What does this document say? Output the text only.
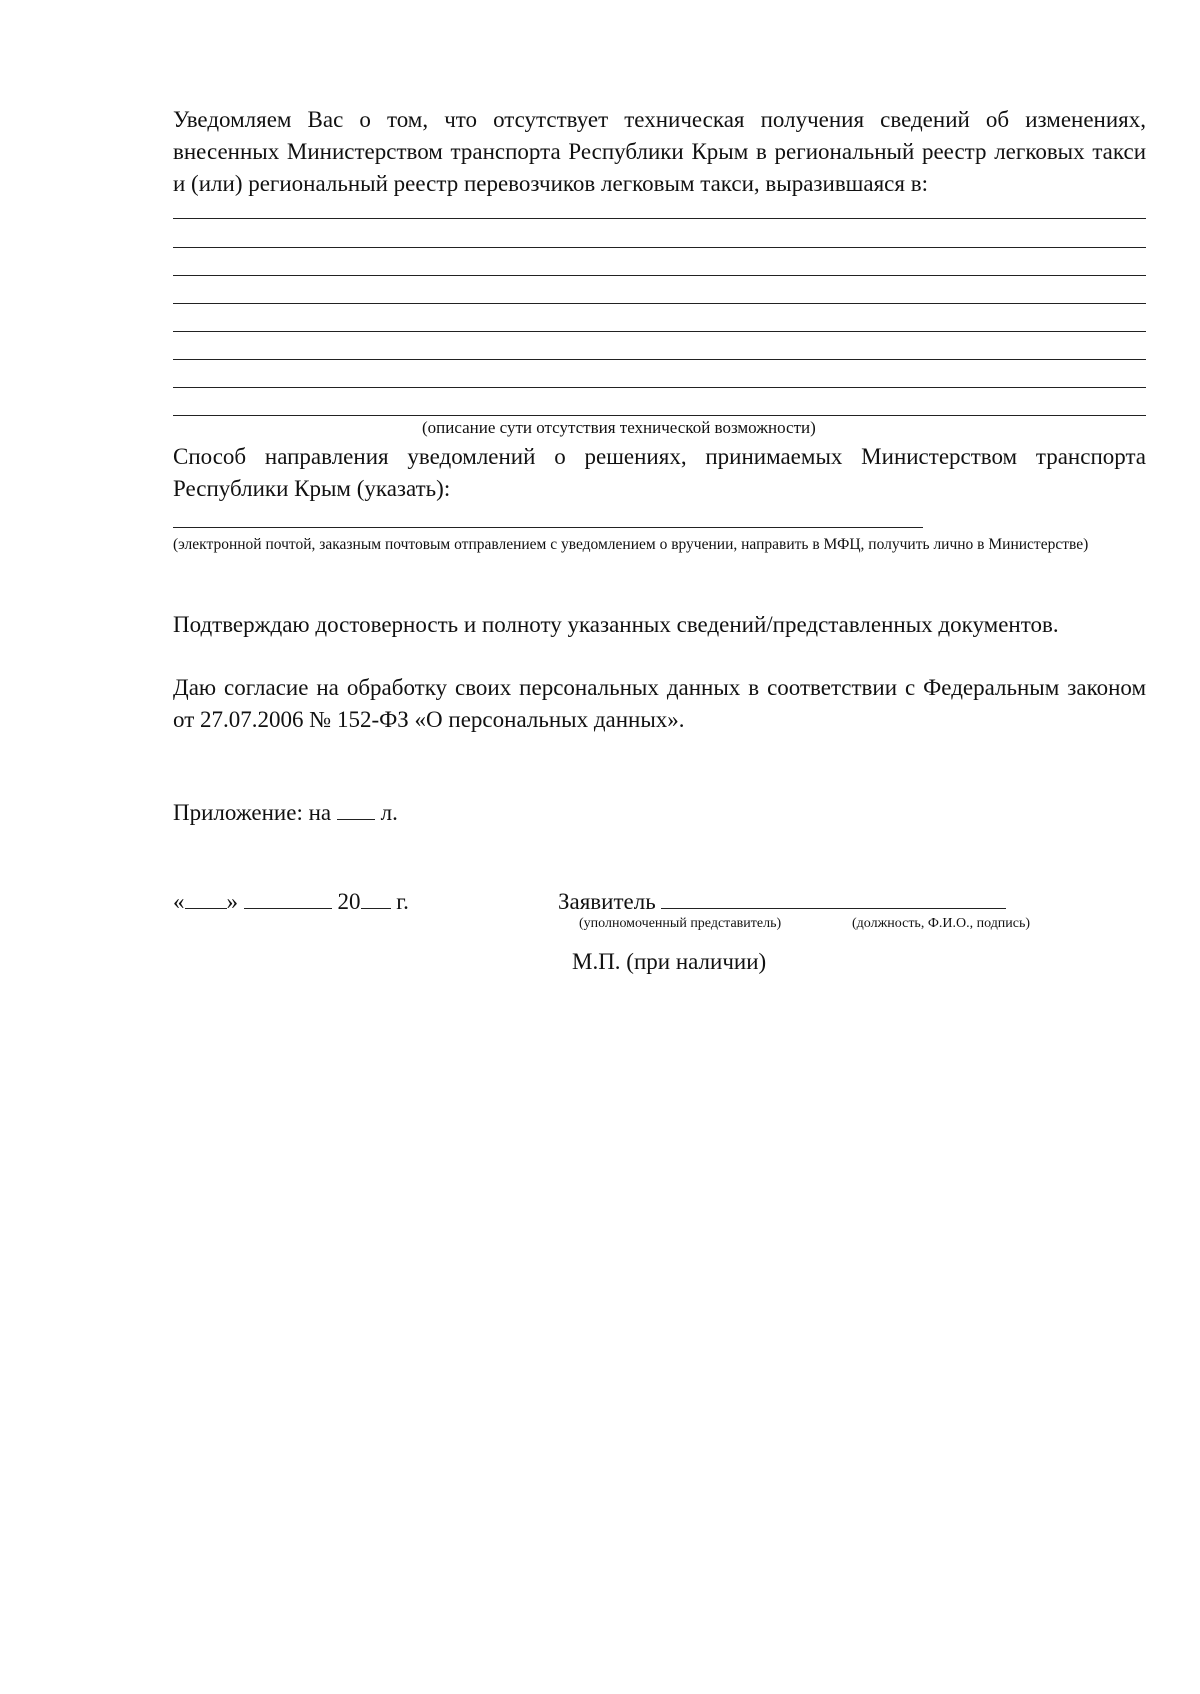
Уведомляем Вас о том, что отсутствует техническая получения сведений об изменениях, внесенных Министерством транспорта Республики Крым в региональный реестр легковых такси и (или) региональный реестр перевозчиков легковым такси, выразившаяся в:
(описание сути отсутствия технической возможности)
Способ направления уведомлений о решениях, принимаемых Министерством транспорта Республики Крым (указать):
(электронной почтой, заказным почтовым отправлением с уведомлением о вручении, направить в МФЦ, получить лично в Министерстве)
Подтверждаю достоверность и полноту указанных сведений/представленных документов.
Даю согласие на обработку своих персональных данных в соответствии с Федеральным законом от 27.07.2006 № 152-ФЗ «О персональных данных».
Приложение: на л.
« »	20 г.	Заявитель
(уполномоченный представитель)	(должность, Ф.И.О., подпись)
М.П. (при наличии)
